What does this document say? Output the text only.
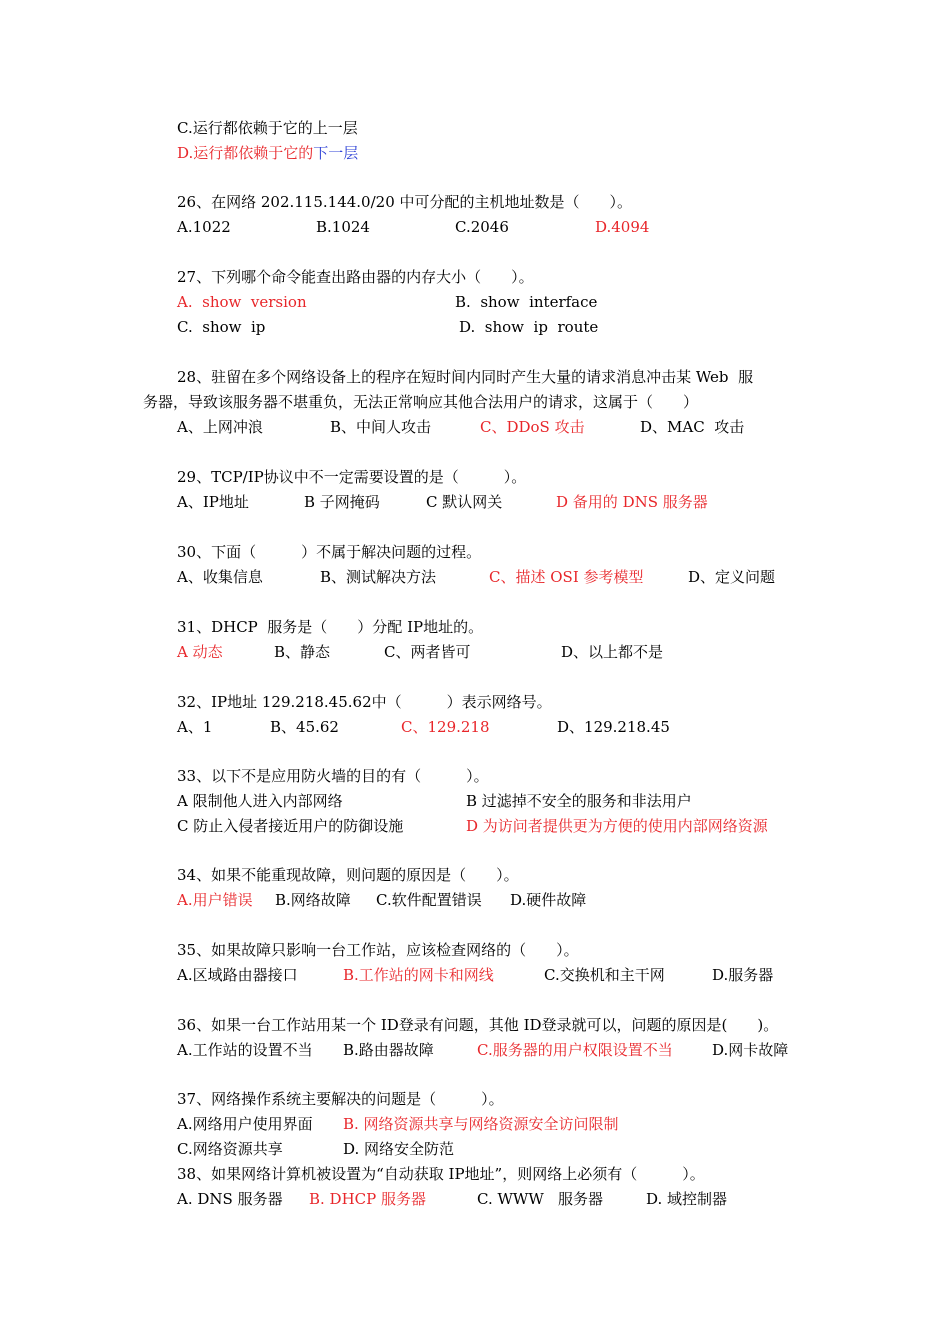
C.运行都依赖于它的上一层
D.运行都依赖于它的下一层
26、在网络 202.115.144.0/20 中可分配的主机地址数是（　　）。
A.1022	B.1024	C.2046	D.4094
27、下列哪个命令能查出路由器的内存大小（　　）。
A.  show  version	B.  show  interface
C.  show  ip	D.  show  ip  route
28、驻留在多个网络设备上的程序在短时间内同时产生大量的请求消息冲击某 Web  服
务器，导致该服务器不堪重负，无法正常响应其他合法用户的请求，这属于（　　）
A、上网冲浪	B、中间人攻击	C、DDoS 攻击	D、MAC  攻击
29、TCP/IP协议中不一定需要设置的是（　　　）。
A、IP地址	B 子网掩码	C 默认网关	D 备用的 DNS 服务器
30、下面（　　　）不属于解决问题的过程。
A、收集信息	B、测试解决方法	C、描述 OSI 参考模型	D、定义问题
31、DHCP  服务是（　　）分配 IP地址的。
A 动态	B、静态	C、两者皆可	D、以上都不是
32、IP地址 129.218.45.62中（　　　）表示网络号。
A、1	B、45.62	C、129.218	D、129.218.45
33、以下不是应用防火墙的目的有（　　　）。
A 限制他人进入内部网络	B 过滤掉不安全的服务和非法用户
C 防止入侵者接近用户的防御设施	D 为访问者提供更为方便的使用内部网络资源
34、如果不能重现故障，则问题的原因是（　　）。
A.用户错误 B.网络故障 C.软件配置错误 D.硬件故障
35、如果故障只影响一台工作站，应该检查网络的（　　）。
A.区域路由器接口	B.工作站的网卡和网线	C.交换机和主干网	D.服务器
36、如果一台工作站用某一个 ID登录有问题，其他 ID登录就可以，问题的原因是(　　)。
A.工作站的设置不当 B.路由器故障	C.服务器的用户权限设置不当	D.网卡故障
37、网络操作系统主要解决的问题是（　　　）。
A.网络用户使用界面 B. 网络资源共享与网络资源安全访问限制
C.网络资源共享	D. 网络安全防范
38、如果网络计算机被设置为“自动获取 IP地址”，则网络上必须有（　　　）。
A. DNS 服务器 B. DHCP 服务器	C. WWW   服务器	D. 域控制器
